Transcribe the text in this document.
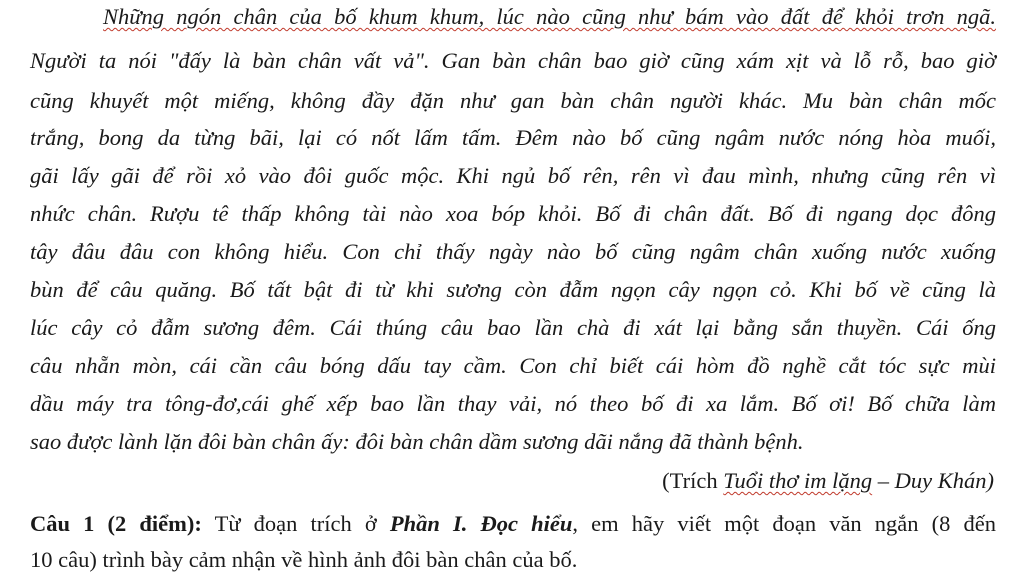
Những ngón chân của bố khum khum, lúc nào cũng như bám vào đất để khỏi trơn ngã.
Người ta nói "đấy là bàn chân vất vả". Gan bàn chân bao giờ cũng xám xịt và lỗ rỗ, bao giờ
cũng khuyết một miếng, không đầy đặn như gan bàn chân người khác. Mu bàn chân mốc
trắng, bong da từng bãi, lại có nốt lấm tấm. Đêm nào bố cũng ngâm nước nóng hòa muối,
gãi lấy gãi để rồi xỏ vào đôi guốc mộc. Khi ngủ bố rên, rên vì đau mình, nhưng cũng rên vì
nhức chân. Rượu tê thấp không tài nào xoa bóp khỏi. Bố đi chân đất. Bố đi ngang dọc đông
tây đâu đâu con không hiểu. Con chỉ thấy ngày nào bố cũng ngâm chân xuống nước xuống
bùn để câu quăng. Bố tất bật đi từ khi sương còn đẫm ngọn cây ngọn cỏ. Khi bố về cũng là
lúc cây cỏ đẫm sương đêm. Cái thúng câu bao lần chà đi xát lại bằng sắn thuyền. Cái ống
câu nhẵn mòn, cái cần câu bóng dấu tay cầm. Con chỉ biết cái hòm đồ nghề cắt tóc sực mùi
dầu máy tra tông-đơ,cái ghế xếp bao lần thay vải, nó theo bố đi xa lắm. Bố ơi! Bố chữa làm
sao được lành lặn đôi bàn chân ấy: đôi bàn chân dầm sương dãi nắng đã thành bệnh.
(Trích Tuổi thơ im lặng – Duy Khán)
Câu 1 (2 điểm): Từ đoạn trích ở Phần I. Đọc hiểu, em hãy viết một đoạn văn ngắn (8 đến
10 câu) trình bày cảm nhận về hình ảnh đôi bàn chân của bố.
